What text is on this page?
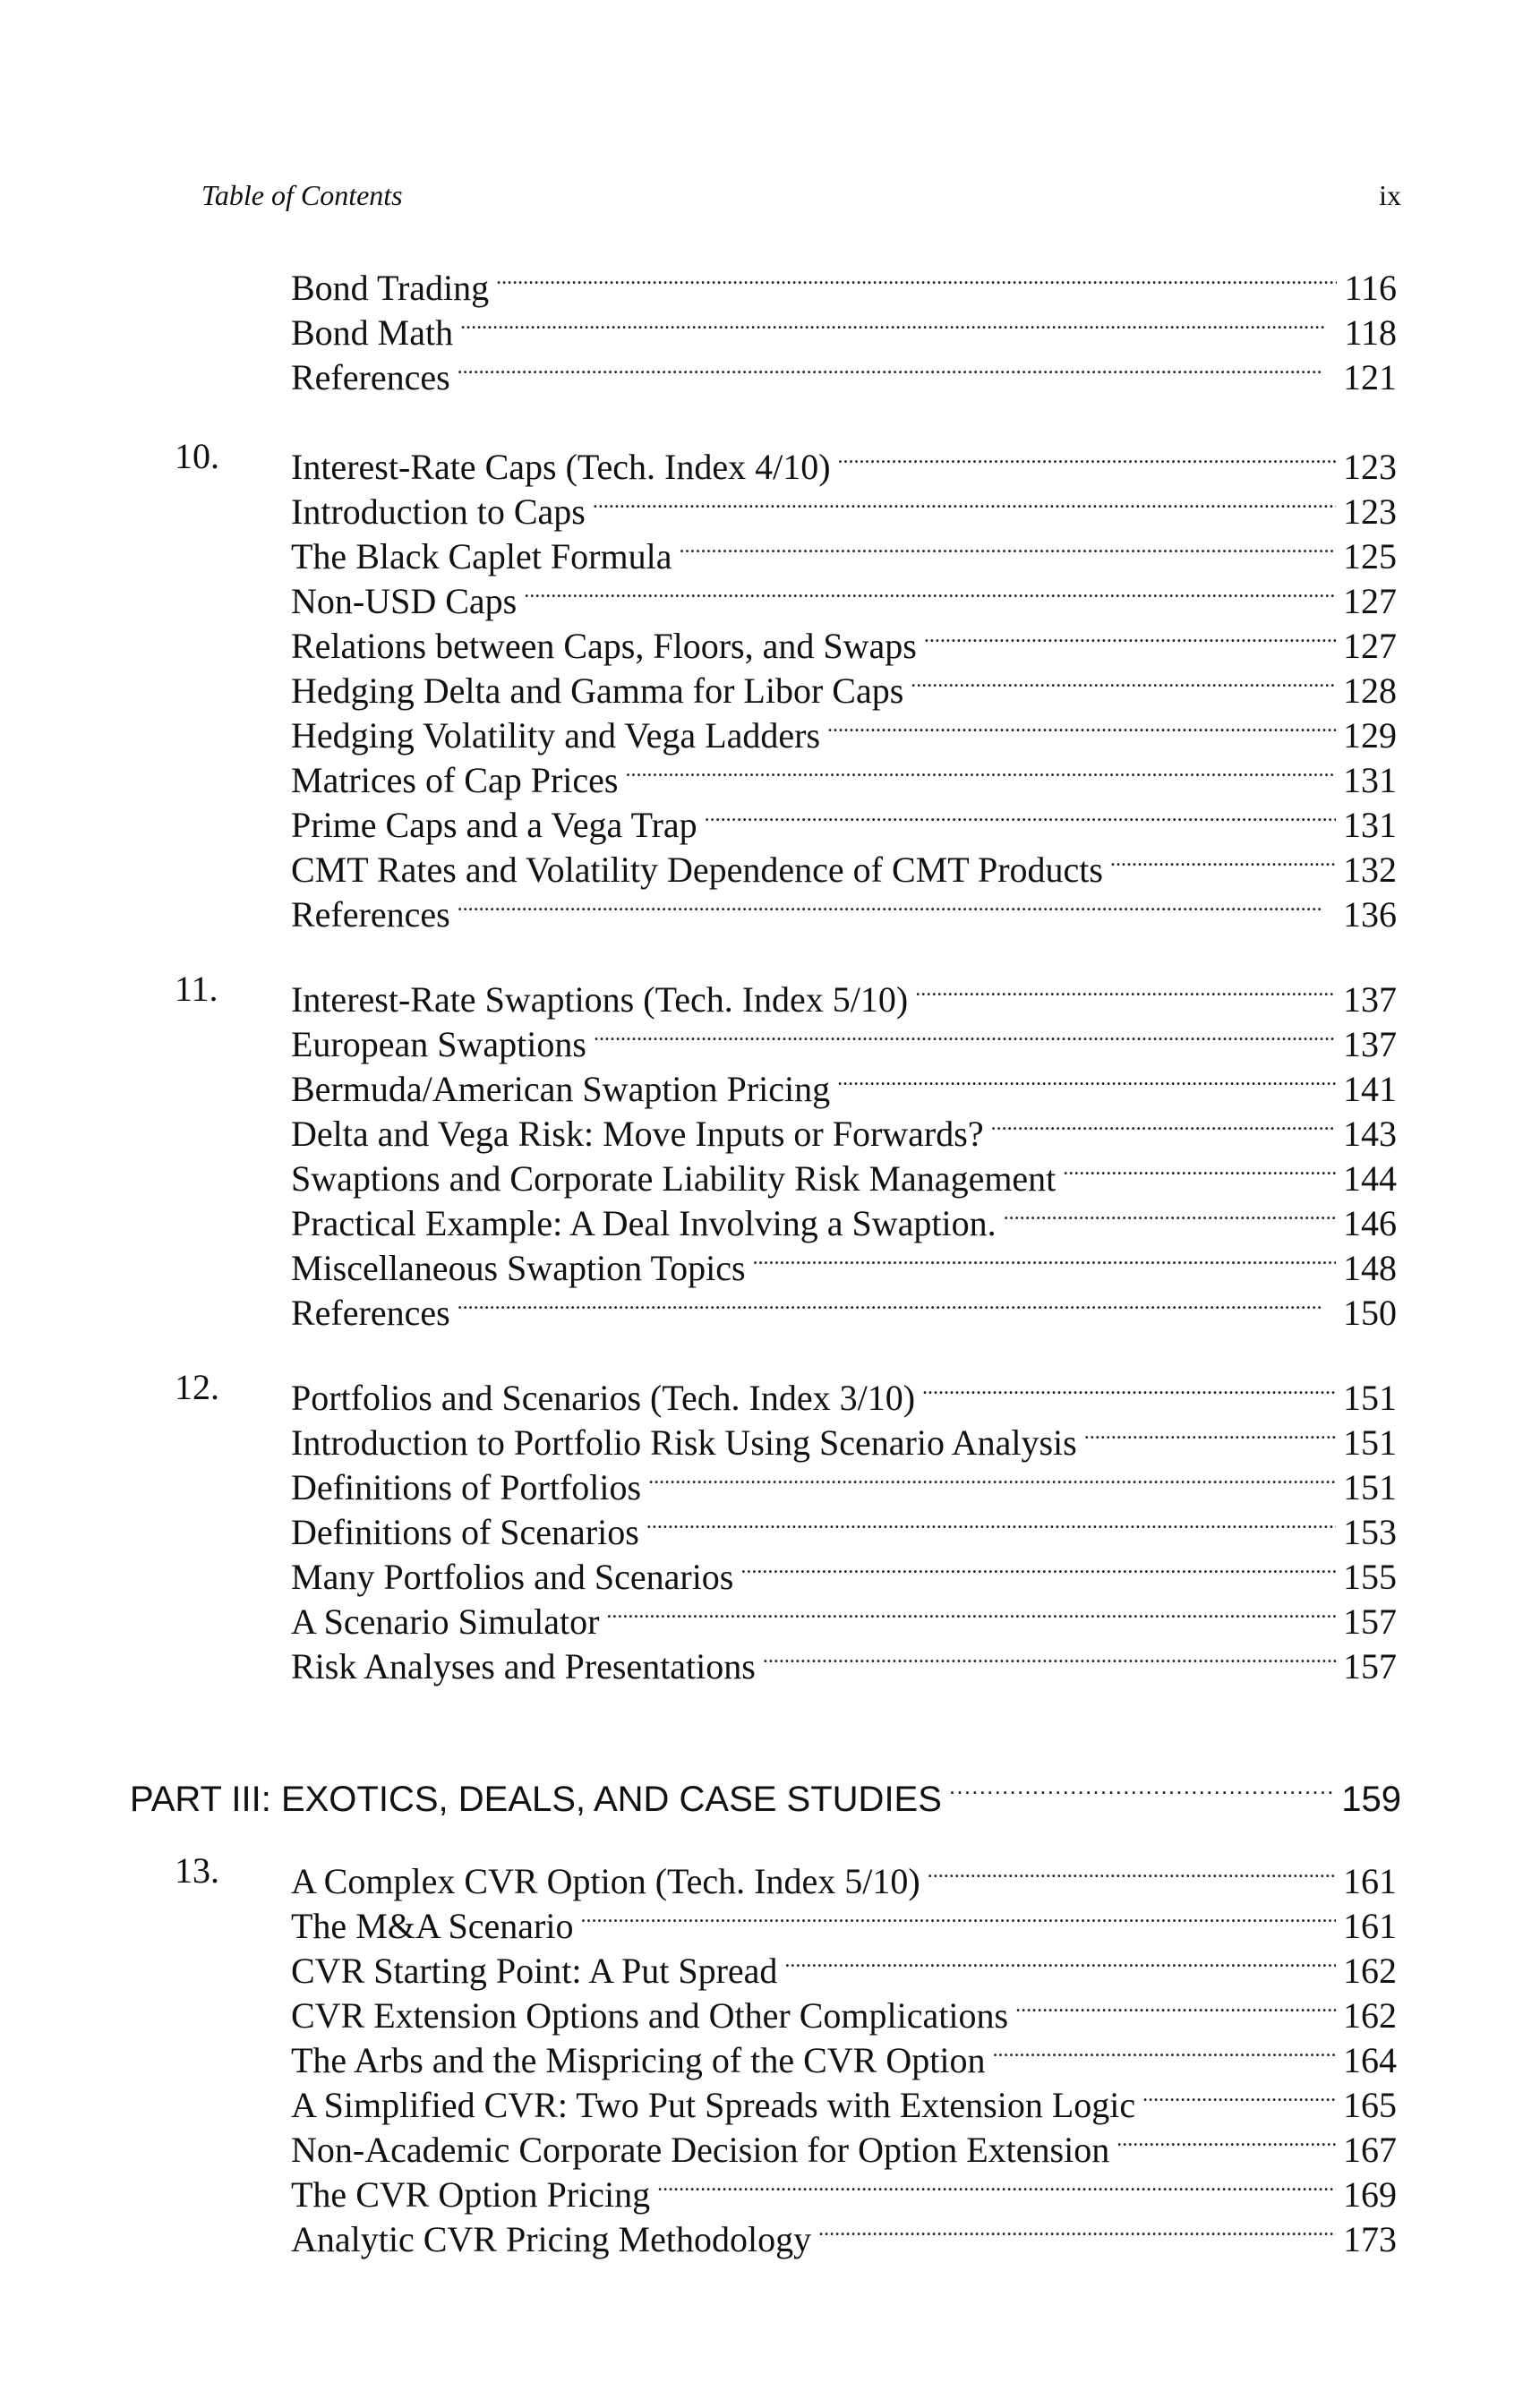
Table of Contents	ix
Bond Trading . . .	116
Bond Math . . .	118
References . . .	121
10.	Interest-Rate Caps (Tech. Index 4/10) . . .	123
Introduction to Caps . . .	123
The Black Caplet Formula . . .	125
Non-USD Caps . . .	127
Relations between Caps, Floors, and Swaps . . .	127
Hedging Delta and Gamma for Libor Caps . . .	128
Hedging Volatility and Vega Ladders . . .	129
Matrices of Cap Prices . . .	131
Prime Caps and a Vega Trap . . .	131
CMT Rates and Volatility Dependence of CMT Products . . .	132
References . . .	136
11.	Interest-Rate Swaptions (Tech. Index 5/10) . . .	137
European Swaptions . . .	137
Bermuda/American Swaption Pricing . . .	141
Delta and Vega Risk: Move Inputs or Forwards? . . .	143
Swaptions and Corporate Liability Risk Management . . .	144
Practical Example: A Deal Involving a Swaption. . . .	146
Miscellaneous Swaption Topics . . .	148
References . . .	150
12.	Portfolios and Scenarios (Tech. Index 3/10) . . .	151
Introduction to Portfolio Risk Using Scenario Analysis . . .	151
Definitions of Portfolios . . .	151
Definitions of Scenarios . . .	153
Many Portfolios and Scenarios . . .	155
A Scenario Simulator . . .	157
Risk Analyses and Presentations . . .	157
PART III: EXOTICS, DEALS, AND CASE STUDIES . . .	159
13.	A Complex CVR Option (Tech. Index 5/10) . . .	161
The M&A Scenario . . .	161
CVR Starting Point: A Put Spread . . .	162
CVR Extension Options and Other Complications . . .	162
The Arbs and the Mispricing of the CVR Option . . .	164
A Simplified CVR: Two Put Spreads with Extension Logic . . .	165
Non-Academic Corporate Decision for Option Extension . . .	167
The CVR Option Pricing . . .	169
Analytic CVR Pricing Methodology . . .	173
